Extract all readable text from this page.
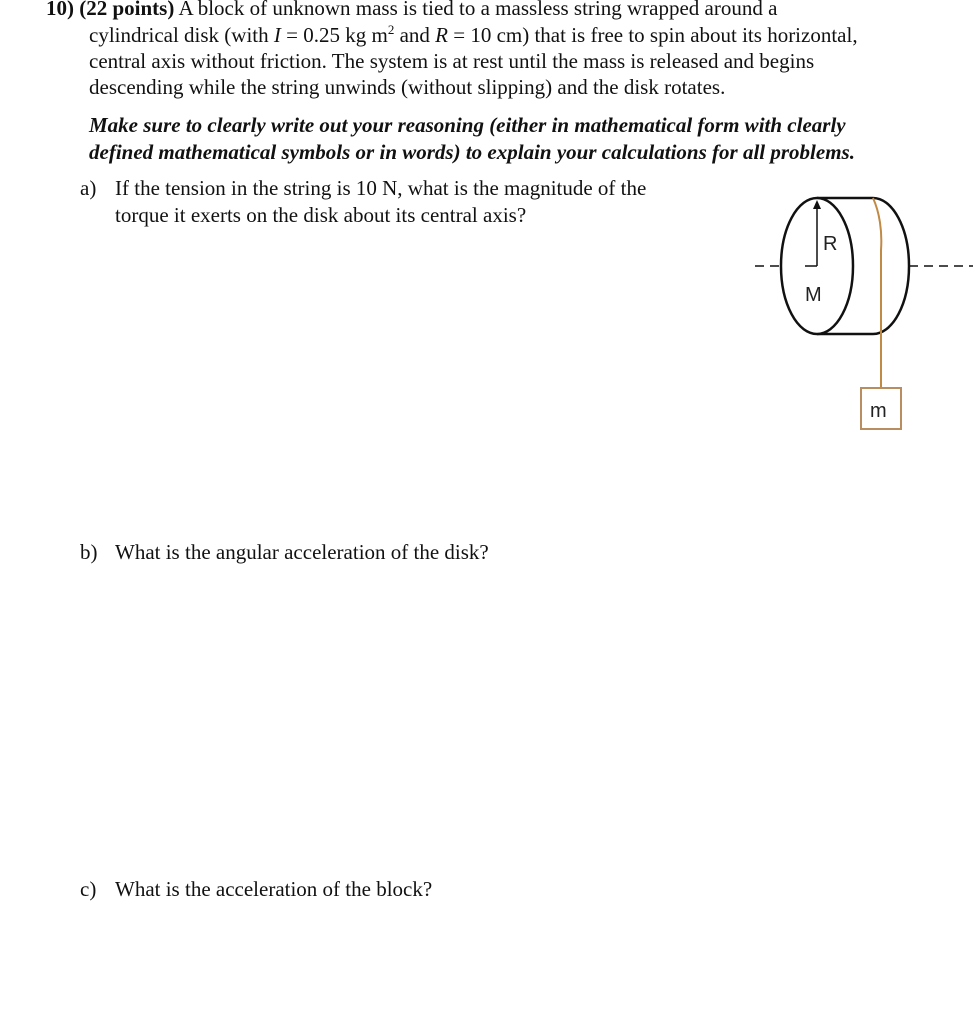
10) (22 points) A block of unknown mass is tied to a massless string wrapped around a
cylindrical disk (with I = 0.25 kg $m^2$ and R = 10 cm) that is free to spin about its horizontal,
central axis without friction. The system is at rest until the mass is released and begins
descending while the string unwinds (without slipping) and the disk rotates.
Make sure to clearly write out your reasoning (either in mathematical form with clearly
defined mathematical symbols or in words) to explain your calculations for all problems.
a) If the tension in the string is 10 N, what is the magnitude of the
torque it exerts on the disk about its central axis?
b) What is the angular acceleration of the disk?
c) What is the acceleration of the block?
R
M
m
